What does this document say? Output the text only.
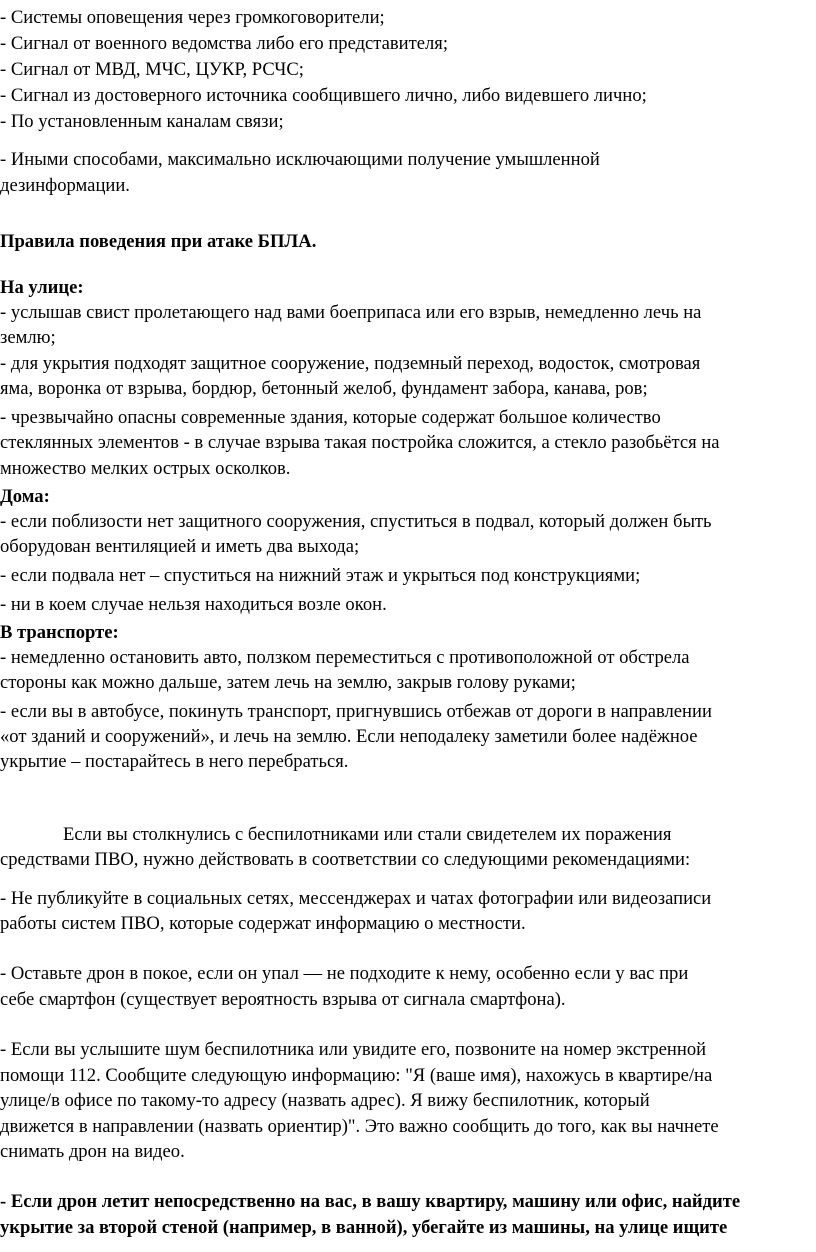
- Системы оповещения через громкоговорители;
- Сигнал от военного ведомства либо его представителя;
- Сигнал от МВД, МЧС, ЦУКР, РСЧС;
- Сигнал из достоверного источника сообщившего лично, либо видевшего лично;
- По установленным каналам связи;
- Иными способами, максимально исключающими получение умышленной
дезинформации.
Правила поведения при атаке БПЛА.
На улице:
- услышав свист пролетающего над вами боеприпаса или его взрыв, немедленно лечь на
землю;
- для укрытия подходят защитное сооружение, подземный переход, водосток, смотровая
яма, воронка от взрыва, бордюр, бетонный желоб, фундамент забора, канава, ров;
- чрезвычайно опасны современные здания, которые содержат большое количество
стеклянных элементов - в случае взрыва такая постройка сложится, а стекло разобьётся на
множество мелких острых осколков.
Дома:
- если поблизости нет защитного сооружения, спуститься в подвал, который должен быть
оборудован вентиляцией и иметь два выхода;
- если подвала нет – спуститься на нижний этаж и укрыться под конструкциями;
- ни в коем случае нельзя находиться возле окон.
В транспорте:
- немедленно остановить авто, ползком переместиться с противоположной от обстрела
стороны как можно дальше, затем лечь на землю, закрыв голову руками;
- если вы в автобусе, покинуть транспорт, пригнувшись отбежав от дороги в направлении
«от зданий и сооружений», и лечь на землю. Если неподалеку заметили более надёжное
укрытие – постарайтесь в него перебраться.
Если вы столкнулись с беспилотниками или стали свидетелем их поражения
средствами ПВО, нужно действовать в соответствии со следующими рекомендациями:
- Не публикуйте в социальных сетях, мессенджерах и чатах фотографии или видеозаписи
работы систем ПВО, которые содержат информацию о местности.
- Оставьте дрон в покое, если он упал — не подходите к нему, особенно если у вас при
себе смартфон (существует вероятность взрыва от сигнала смартфона).
- Если вы услышите шум беспилотника или увидите его, позвоните на номер экстренной
помощи 112. Сообщите следующую информацию: "Я (ваше имя), нахожусь в квартире/на
улице/в офисе по такому-то адресу (назвать адрес). Я вижу беспилотник, который
движется в направлении (назвать ориентир)". Это важно сообщить до того, как вы начнете
снимать дрон на видео.
- Если дрон летит непосредственно на вас, в вашу квартиру, машину или офис, найдите
укрытие за второй стеной (например, в ванной), убегайте из машины, на улице ищите
